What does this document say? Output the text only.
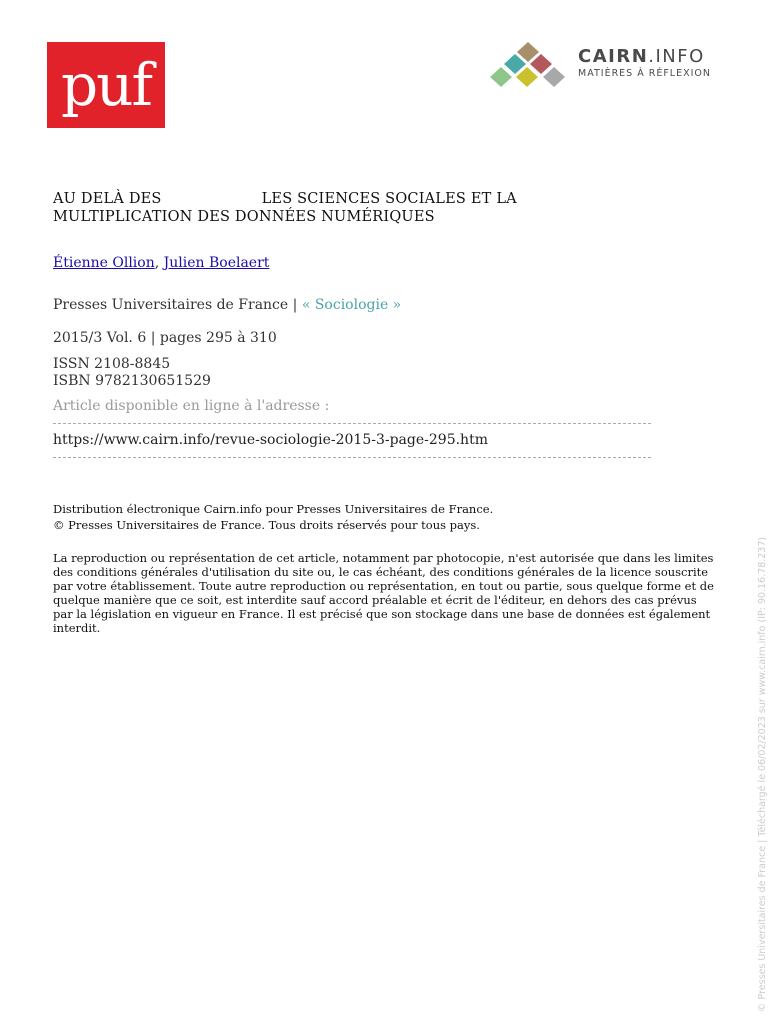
puf	CAIRN.INFO
MATIÈRES À RÉFLEXION
AU DELÀ DES	LES SCIENCES SOCIALES ET LA MULTIPLICATION DES DONNÉES NUMÉRIQUES
Étienne Ollion, Julien Boelaert
Presses Universitaires de France | « Sociologie »
2015/3 Vol. 6 | pages 295 à 310
ISSN 2108-8845
ISBN 9782130651529
Article disponible en ligne à l'adresse :
https://www.cairn.info/revue-sociologie-2015-3-page-295.htm
Distribution électronique Cairn.info pour Presses Universitaires de France.
© Presses Universitaires de France. Tous droits réservés pour tous pays.
La reproduction ou représentation de cet article, notamment par photocopie, n'est autorisée que dans les limites des conditions générales d'utilisation du site ou, le cas échéant, des conditions générales de la licence souscrite par votre établissement. Toute autre reproduction ou représentation, en tout ou partie, sous quelque forme et de quelque manière que ce soit, est interdite sauf accord préalable et écrit de l'éditeur, en dehors des cas prévus par la législation en vigueur en France. Il est précisé que son stockage dans une base de données est également interdit.	© Presses Universitaires de France | Téléchargé le 06/02/2023 sur www.cairn.info (IP: 90.16.78.237)
